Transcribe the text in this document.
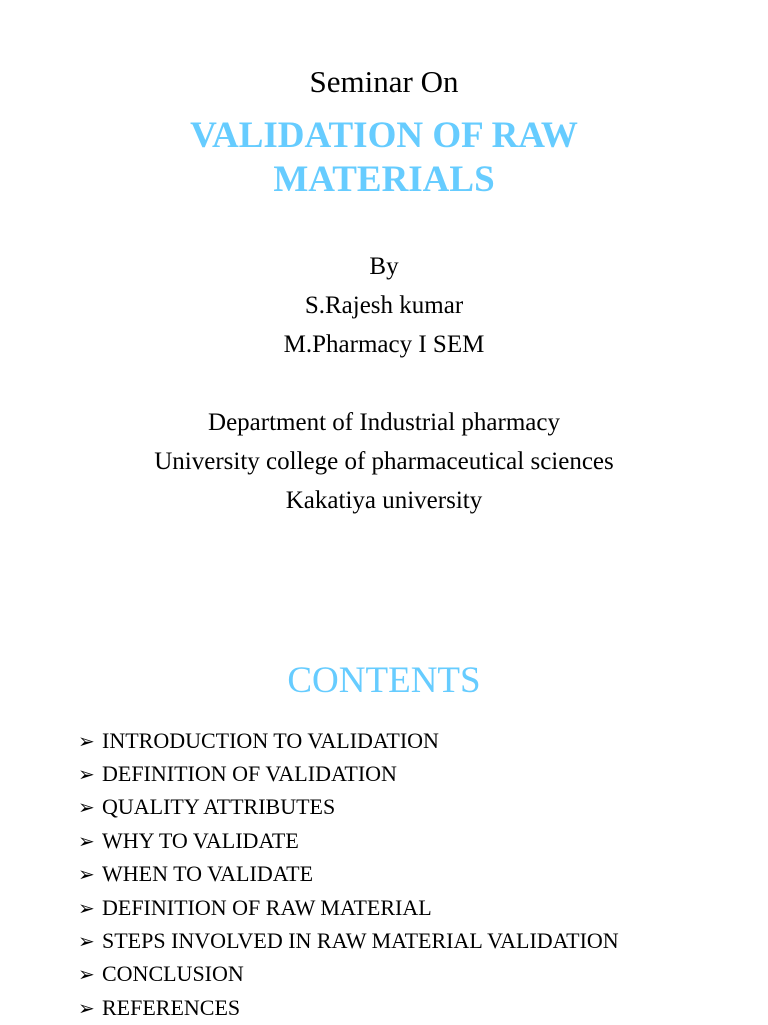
Seminar On
VALIDATION OF RAW
MATERIALS
By
S.Rajesh kumar
M.Pharmacy I SEM
Department of Industrial pharmacy
University college of pharmaceutical sciences
Kakatiya university
CONTENTS
➢ INTRODUCTION TO VALIDATION
➢ DEFINITION OF VALIDATION
➢ QUALITY ATTRIBUTES
➢ WHY TO VALIDATE
➢ WHEN TO VALIDATE
➢ DEFINITION OF RAW MATERIAL
➢ STEPS INVOLVED IN RAW MATERIAL VALIDATION
➢ CONCLUSION
➢ REFERENCES
